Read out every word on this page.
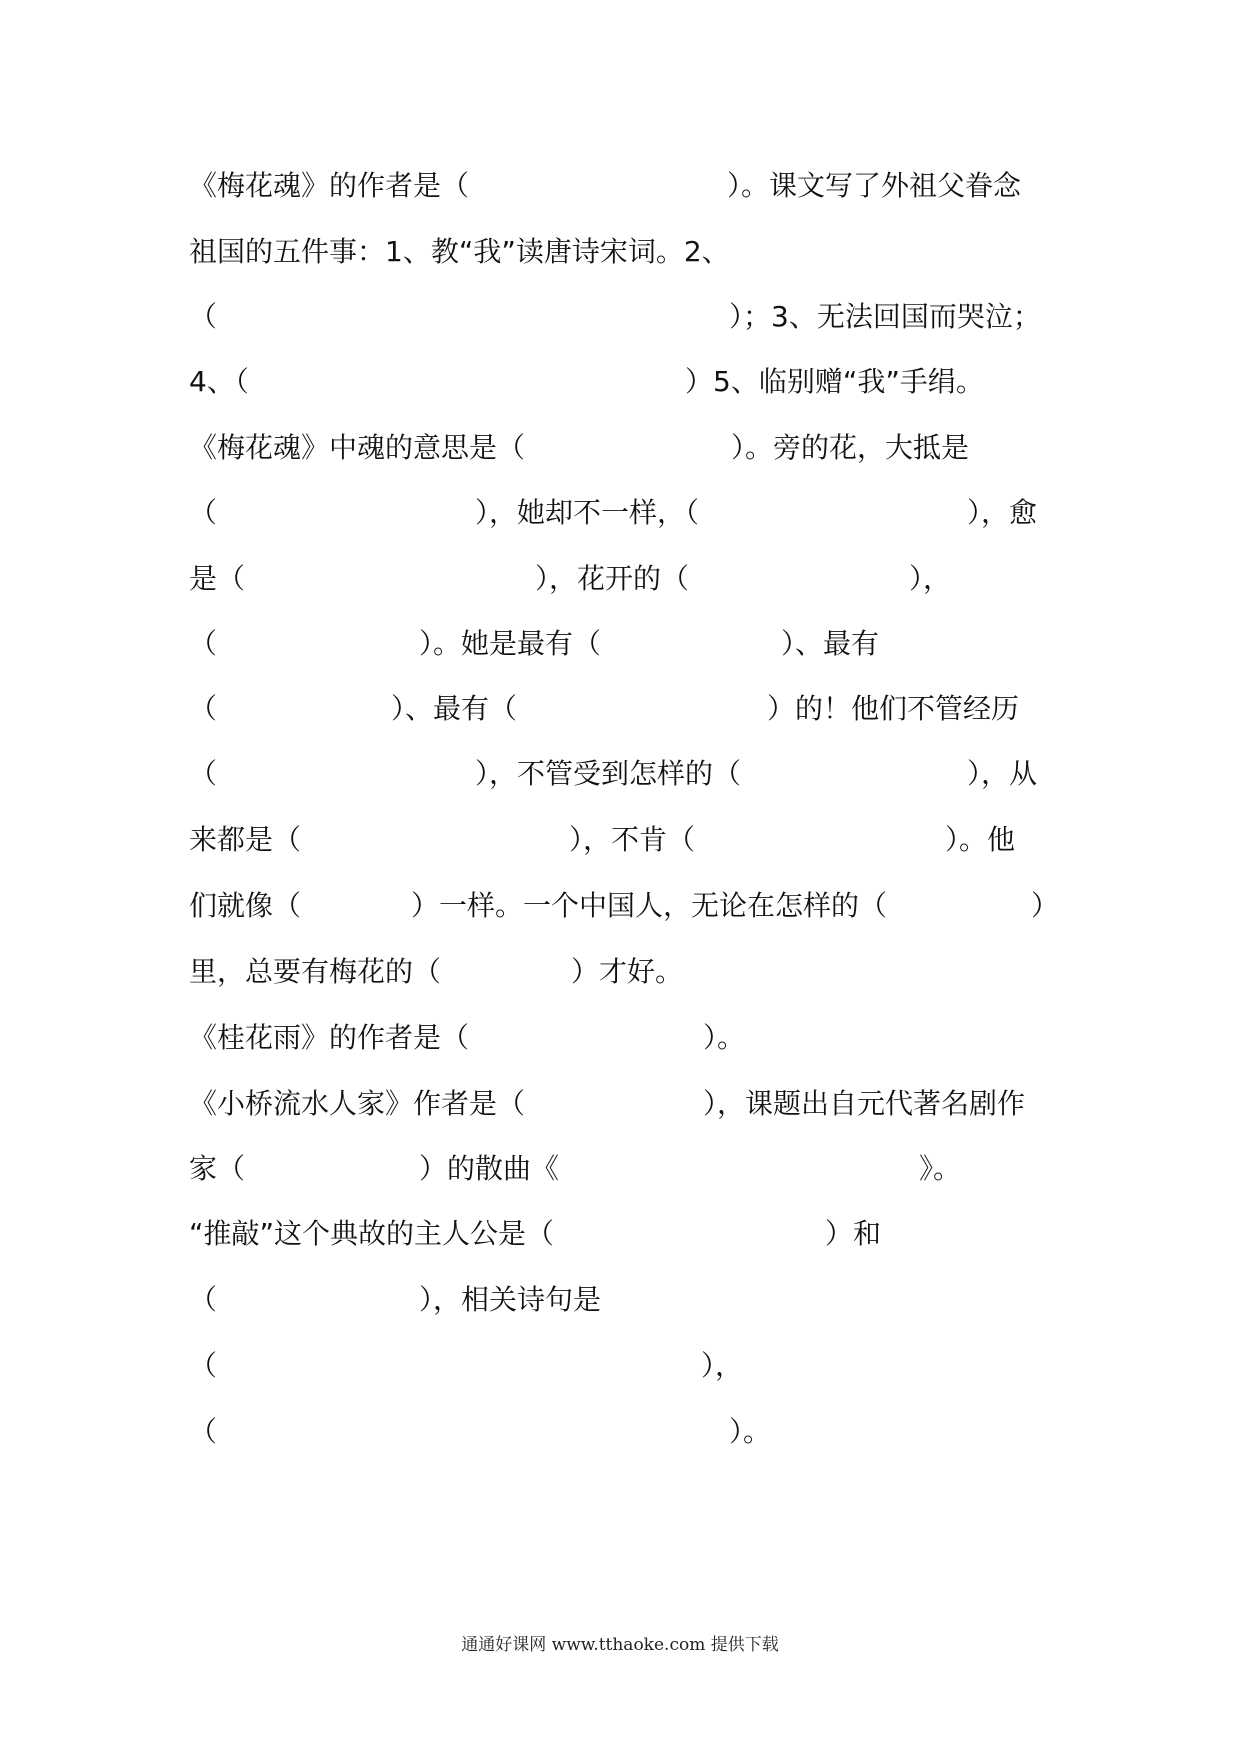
《梅花魂》的作者是（	）。课文写了外祖父眷念
祖国的五件事：1、教“我”读唐诗宋词。2、
（	）；3、无法回国而哭泣；
4、（	）5、临别赠“我”手绢。
《梅花魂》中魂的意思是（	）。旁的花，大抵是
（	），她却不一样，（	），愈
是（	），花开的（	），
（	）。她是最有（	）、最有
（	）、最有（	）的！他们不管经历
（	），不管受到怎样的（	），从
来都是（	），不肯（	）。他
们就像（	）一样。一个中国人，无论在怎样的（	）
里，总要有梅花的（	）才好。
《桂花雨》的作者是（	）。
《小桥流水人家》作者是（	），课题出自元代著名剧作
家（	）的散曲《	》。
“推敲”这个典故的主人公是（	）和
（	），相关诗句是
（	），
（	）。
通通好课网 www.tthaoke.com 提供下载
